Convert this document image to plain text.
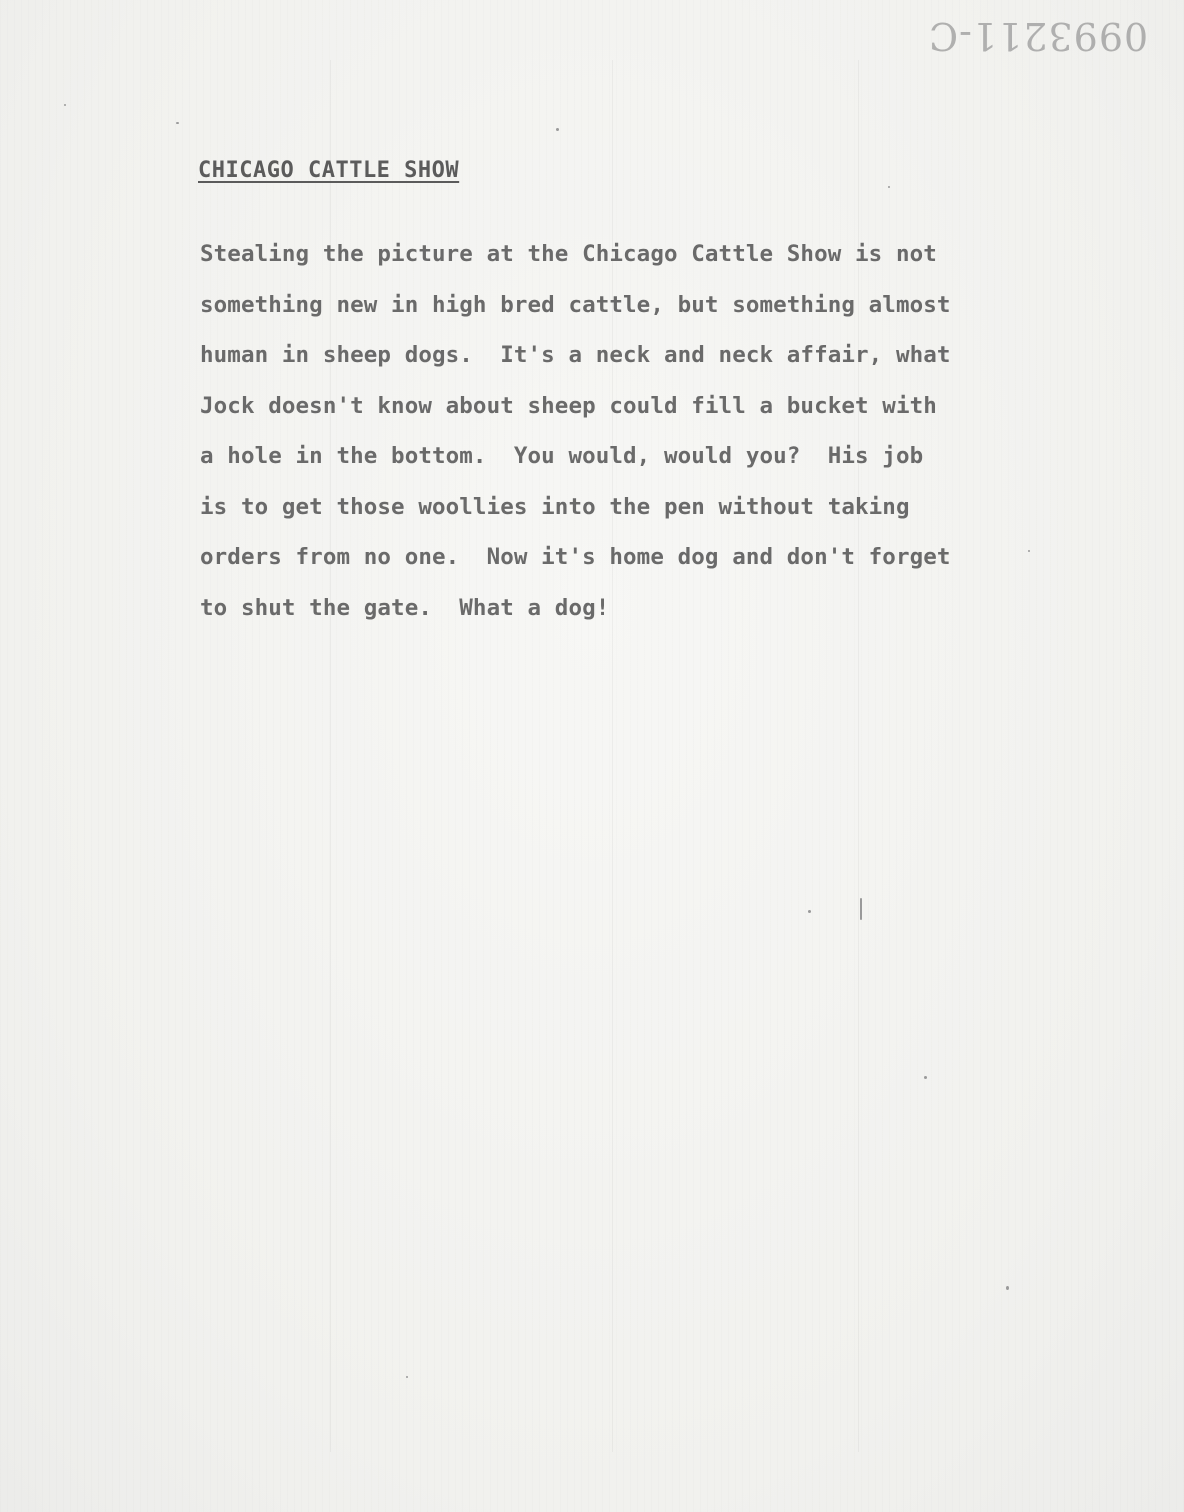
0993211-C
CHICAGO CATTLE SHOW
Stealing the picture at the Chicago Cattle Show is not
something new in high bred cattle, but something almost
human in sheep dogs.  It's a neck and neck affair, what
Jock doesn't know about sheep could fill a bucket with
a hole in the bottom.  You would, would you?  His job
is to get those woollies into the pen without taking
orders from no one.  Now it's home dog and don't forget
to shut the gate.  What a dog!
